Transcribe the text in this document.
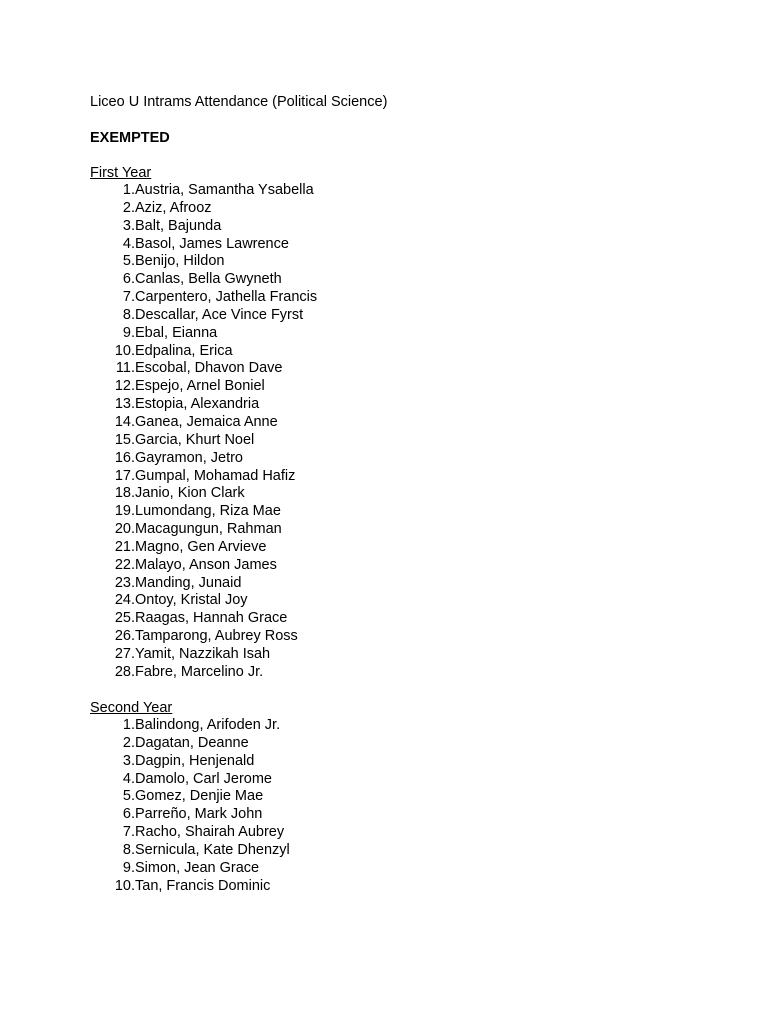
Liceo U Intrams Attendance (Political Science)
EXEMPTED
First Year
1. Austria, Samantha Ysabella
2. Aziz, Afrooz
3. Balt, Bajunda
4. Basol, James Lawrence
5. Benijo, Hildon
6. Canlas, Bella Gwyneth
7. Carpentero, Jathella Francis
8. Descallar, Ace Vince Fyrst
9. Ebal, Eianna
10. Edpalina, Erica
11. Escobal, Dhavon Dave
12. Espejo, Arnel Boniel
13. Estopia, Alexandria
14. Ganea, Jemaica Anne
15. Garcia, Khurt Noel
16. Gayramon, Jetro
17. Gumpal, Mohamad Hafiz
18. Janio, Kion Clark
19. Lumondang, Riza Mae
20. Macagungun, Rahman
21. Magno, Gen Arvieve
22. Malayo, Anson James
23. Manding, Junaid
24. Ontoy, Kristal Joy
25. Raagas, Hannah Grace
26. Tamparong, Aubrey Ross
27. Yamit, Nazzikah Isah
28. Fabre, Marcelino Jr.
Second Year
1. Balindong, Arifoden Jr.
2. Dagatan, Deanne
3. Dagpin, Henjenald
4. Damolo, Carl Jerome
5. Gomez, Denjie Mae
6. Parreño, Mark John
7. Racho, Shairah Aubrey
8. Sernicula, Kate Dhenzyl
9. Simon, Jean Grace
10. Tan, Francis Dominic
